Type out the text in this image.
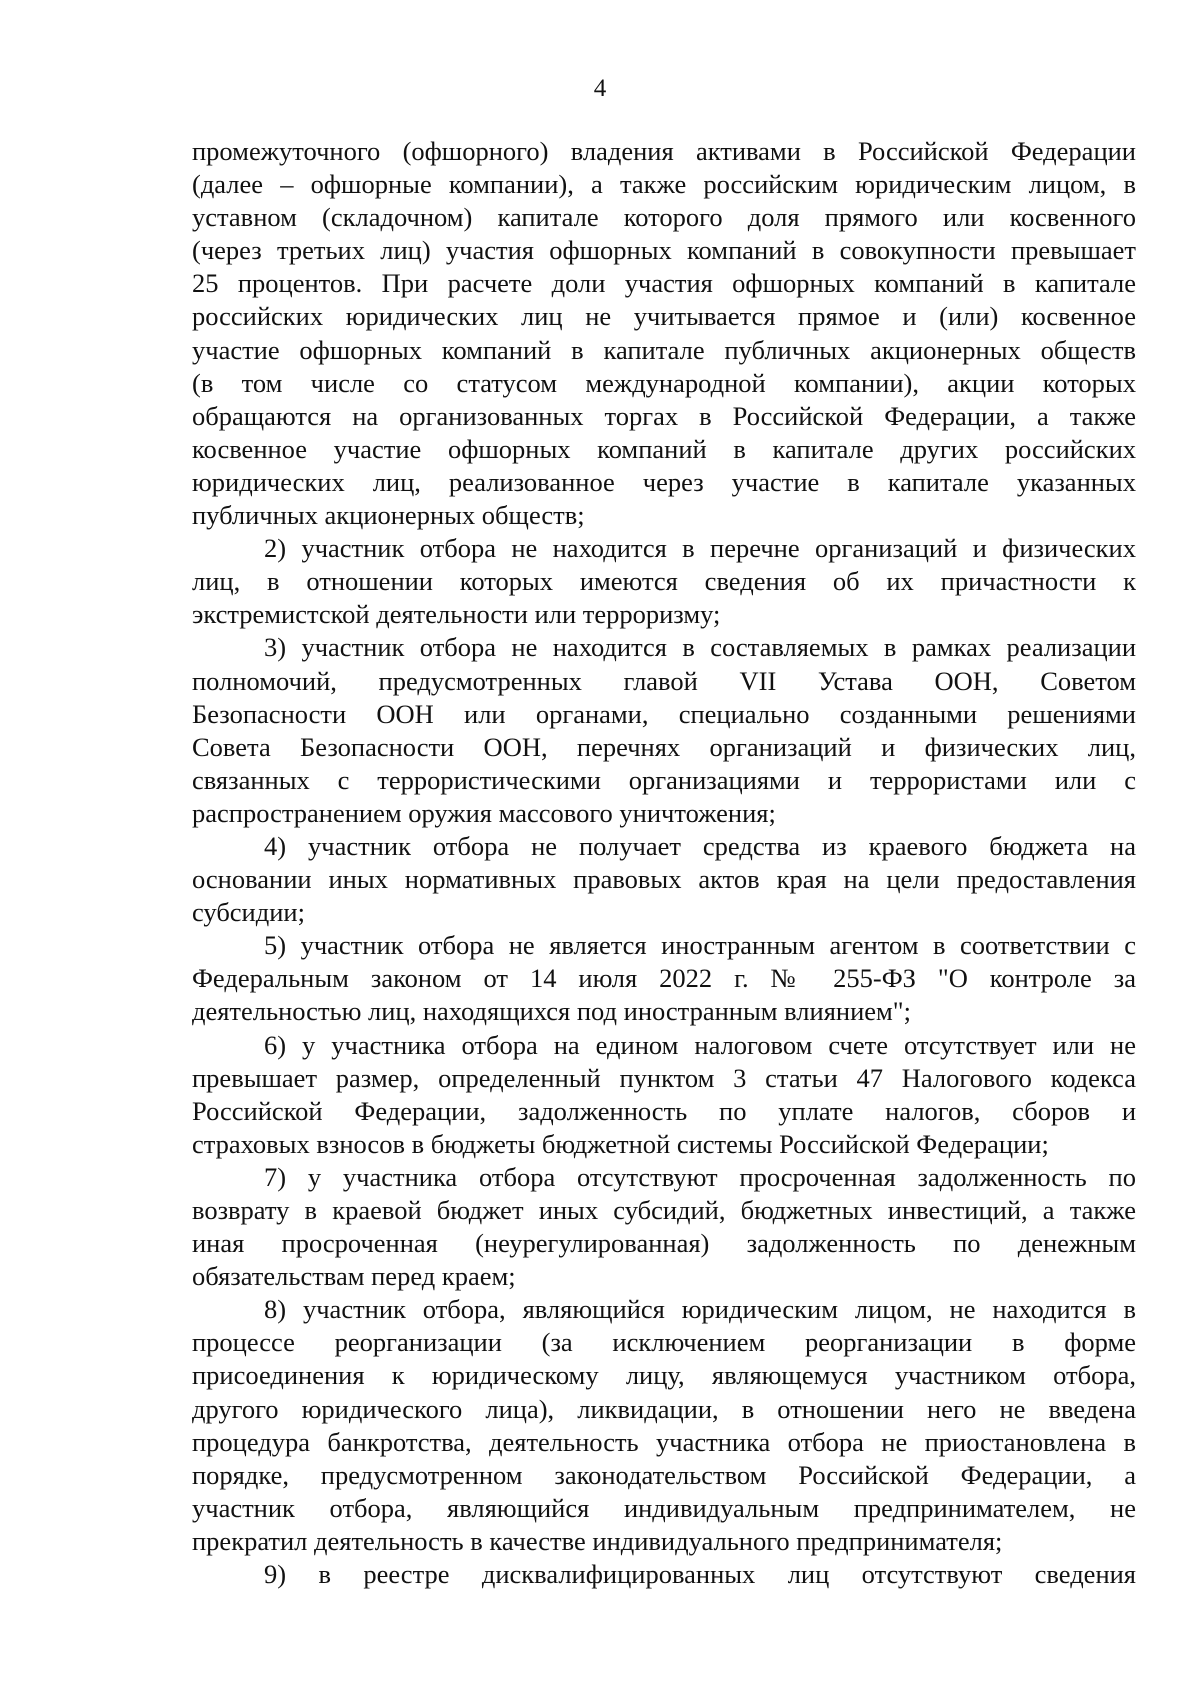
4
промежуточного (офшорного) владения активами в Российской Федерации
(далее – офшорные компании), а также российским юридическим лицом, в
уставном (складочном) капитале которого доля прямого или косвенного
(через третьих лиц) участия офшорных компаний в совокупности превышает
25 процентов. При расчете доли участия офшорных компаний в капитале
российских юридических лиц не учитывается прямое и (или) косвенное
участие офшорных компаний в капитале публичных акционерных обществ
(в том числе со статусом международной компании), акции которых
обращаются на организованных торгах в Российской Федерации, а также
косвенное участие офшорных компаний в капитале других российских
юридических лиц, реализованное через участие в капитале указанных
публичных акционерных обществ;
2) участник отбора не находится в перечне организаций и физических
лиц, в отношении которых имеются сведения об их причастности к
экстремистской деятельности или терроризму;
3) участник отбора не находится в составляемых в рамках реализации
полномочий, предусмотренных главой VII Устава ООН, Советом
Безопасности ООН или органами, специально созданными решениями
Совета Безопасности ООН, перечнях организаций и физических лиц,
связанных с террористическими организациями и террористами или с
распространением оружия массового уничтожения;
4) участник отбора не получает средства из краевого бюджета на
основании иных нормативных правовых актов края на цели предоставления
субсидии;
5) участник отбора не является иностранным агентом в соответствии с
Федеральным законом от 14 июля 2022 г. № 255-ФЗ "О контроле за
деятельностью лиц, находящихся под иностранным влиянием";
6) у участника отбора на едином налоговом счете отсутствует или не
превышает размер, определенный пунктом 3 статьи 47 Налогового кодекса
Российской Федерации, задолженность по уплате налогов, сборов и
страховых взносов в бюджеты бюджетной системы Российской Федерации;
7) у участника отбора отсутствуют просроченная задолженность по
возврату в краевой бюджет иных субсидий, бюджетных инвестиций, а также
иная просроченная (неурегулированная) задолженность по денежным
обязательствам перед краем;
8) участник отбора, являющийся юридическим лицом, не находится в
процессе реорганизации (за исключением реорганизации в форме
присоединения к юридическому лицу, являющемуся участником отбора,
другого юридического лица), ликвидации, в отношении него не введена
процедура банкротства, деятельность участника отбора не приостановлена в
порядке, предусмотренном законодательством Российской Федерации, а
участник отбора, являющийся индивидуальным предпринимателем, не
прекратил деятельность в качестве индивидуального предпринимателя;
9) в реестре дисквалифицированных лиц отсутствуют сведения
